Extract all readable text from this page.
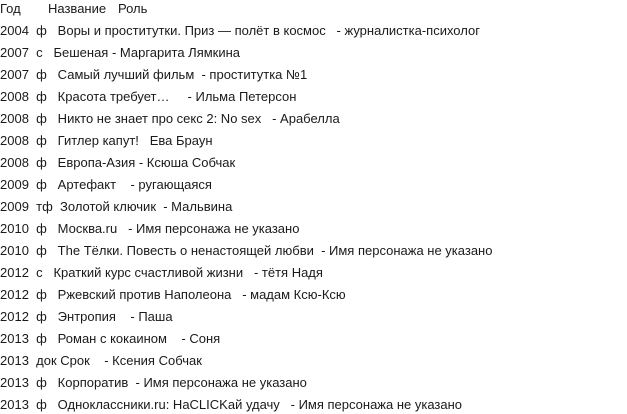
Год	Название Роль
2004  ф   Воры и проститутки. Приз — полёт в космос   - журналистка-психолог
2007  с   Бешеная - Маргарита Лямкина
2007  ф   Самый лучший фильм  - проститутка №1
2008  ф   Красота требует…     - Ильма Петерсон
2008  ф   Никто не знает про секс 2: No sex   - Арабелла
2008  ф   Гитлер капут!   Ева Браун
2008  ф   Европа-Азия - Ксюша Собчак
2009  ф   Артефакт    - ругающаяся
2009  тф  Золотой ключик  - Мальвина
2010  ф   Москва.ru   - Имя персонажа не указано
2010  ф   The Тёлки. Повесть о ненастоящей любви  - Имя персонажа не указано
2012  с   Краткий курс счастливой жизни   - тётя Надя
2012  ф   Ржевский против Наполеона   - мадам Ксю-Ксю
2012  ф   Энтропия    - Паша
2013  ф   Роман с кокаином    - Соня
2013  док Срок    - Ксения Собчак
2013  ф   Корпоратив  - Имя персонажа не указано
2013  ф   Одноклассники.ru: НаCLICKай удачу   - Имя персонажа не указано
